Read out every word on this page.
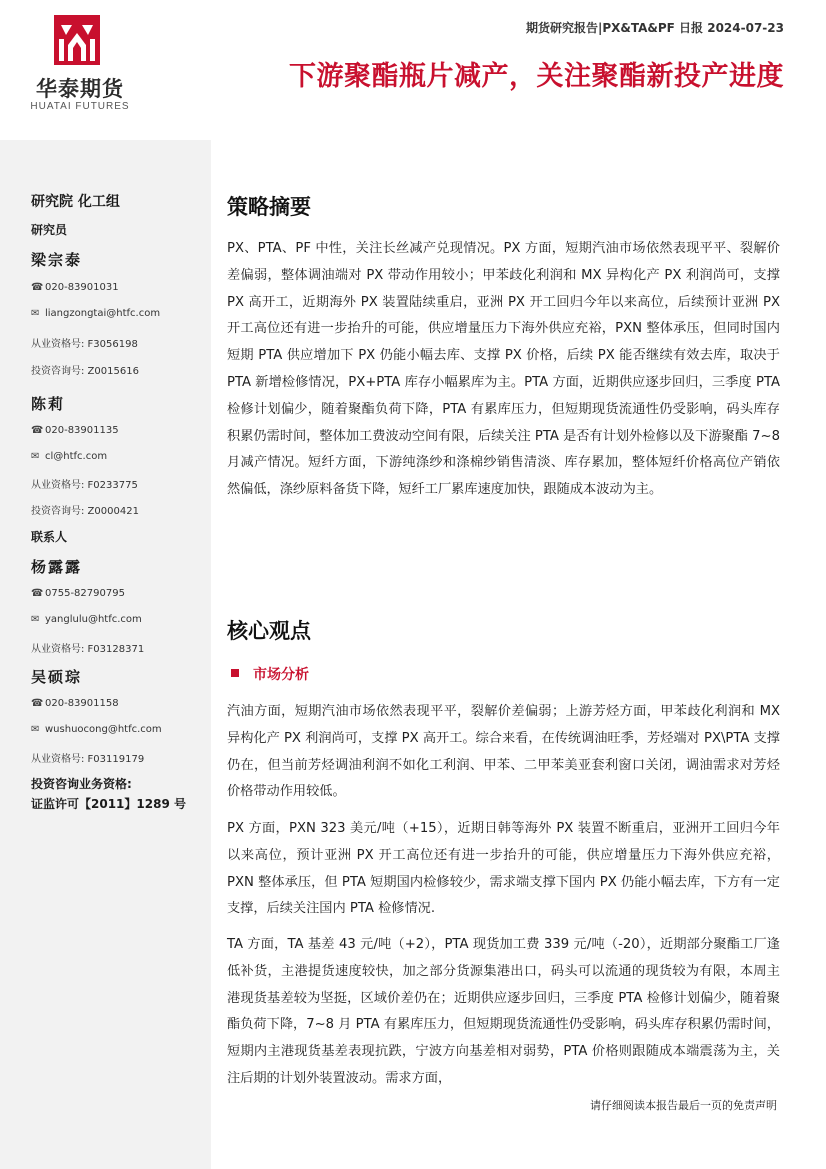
华泰期货
HUATAI FUTURES
期货研究报告|PX&TA&PF 日报 2024-07-23
下游聚酯瓶片减产，关注聚酯新投产进度
研究院 化工组
研究员
梁宗泰
☎ 020-83901031
✉ liangzongtai@htfc.com
从业资格号: F3056198
投资咨询号: Z0015616
陈莉
☎ 020-83901135
✉ cl@htfc.com
从业资格号: F0233775
投资咨询号: Z0000421
联系人
杨露露
☎ 0755-82790795
✉ yanglulu@htfc.com
从业资格号: F03128371
吴硕琮
☎ 020-83901158
✉ wushuocong@htfc.com
从业资格号: F03119179
投资咨询业务资格:
证监许可【2011】1289 号
策略摘要
PX、PTA、PF 中性，关注长丝减产兑现情况。PX 方面，短期汽油市场依然表现平平、裂解价差偏弱，整体调油端对 PX 带动作用较小；甲苯歧化利润和 MX 异构化产 PX 利润尚可，支撑 PX 高开工，近期海外 PX 装置陆续重启，亚洲 PX 开工回归今年以来高位，后续预计亚洲 PX 开工高位还有进一步抬升的可能，供应增量压力下海外供应充裕，PXN 整体承压，但同时国内短期 PTA 供应增加下 PX 仍能小幅去库、支撑 PX 价格，后续 PX 能否继续有效去库，取决于 PTA 新增检修情况，PX+PTA 库存小幅累库为主。PTA 方面，近期供应逐步回归，三季度 PTA 检修计划偏少，随着聚酯负荷下降，PTA 有累库压力，但短期现货流通性仍受影响，码头库存积累仍需时间，整体加工费波动空间有限，后续关注 PTA 是否有计划外检修以及下游聚酯 7~8 月减产情况。短纤方面，下游纯涤纱和涤棉纱销售清淡、库存累加，整体短纤价格高位产销依然偏低，涤纱原料备货下降，短纤工厂累库速度加快，跟随成本波动为主。
核心观点
市场分析
汽油方面，短期汽油市场依然表现平平，裂解价差偏弱；上游芳烃方面，甲苯歧化利润和 MX 异构化产 PX 利润尚可，支撑 PX 高开工。综合来看，在传统调油旺季，芳烃端对 PX\PTA 支撑仍在，但当前芳烃调油利润不如化工利润、甲苯、二甲苯美亚套利窗口关闭，调油需求对芳烃价格带动作用较低。
PX 方面，PXN 323 美元/吨（+15），近期日韩等海外 PX 装置不断重启，亚洲开工回归今年以来高位，预计亚洲 PX 开工高位还有进一步抬升的可能，供应增量压力下海外供应充裕，PXN 整体承压，但 PTA 短期国内检修较少，需求端支撑下国内 PX 仍能小幅去库，下方有一定支撑，后续关注国内 PTA 检修情况.
TA 方面，TA 基差 43 元/吨（+2），PTA 现货加工费 339 元/吨（-20），近期部分聚酯工厂逢低补货，主港提货速度较快，加之部分货源集港出口，码头可以流通的现货较为有限，本周主港现货基差较为坚挺，区域价差仍在；近期供应逐步回归，三季度 PTA 检修计划偏少，随着聚酯负荷下降，7~8 月 PTA 有累库压力，但短期现货流通性仍受影响，码头库存积累仍需时间，短期内主港现货基差表现抗跌，宁波方向基差相对弱势，PTA 价格则跟随成本端震荡为主，关注后期的计划外装置波动。需求方面，
请仔细阅读本报告最后一页的免责声明
